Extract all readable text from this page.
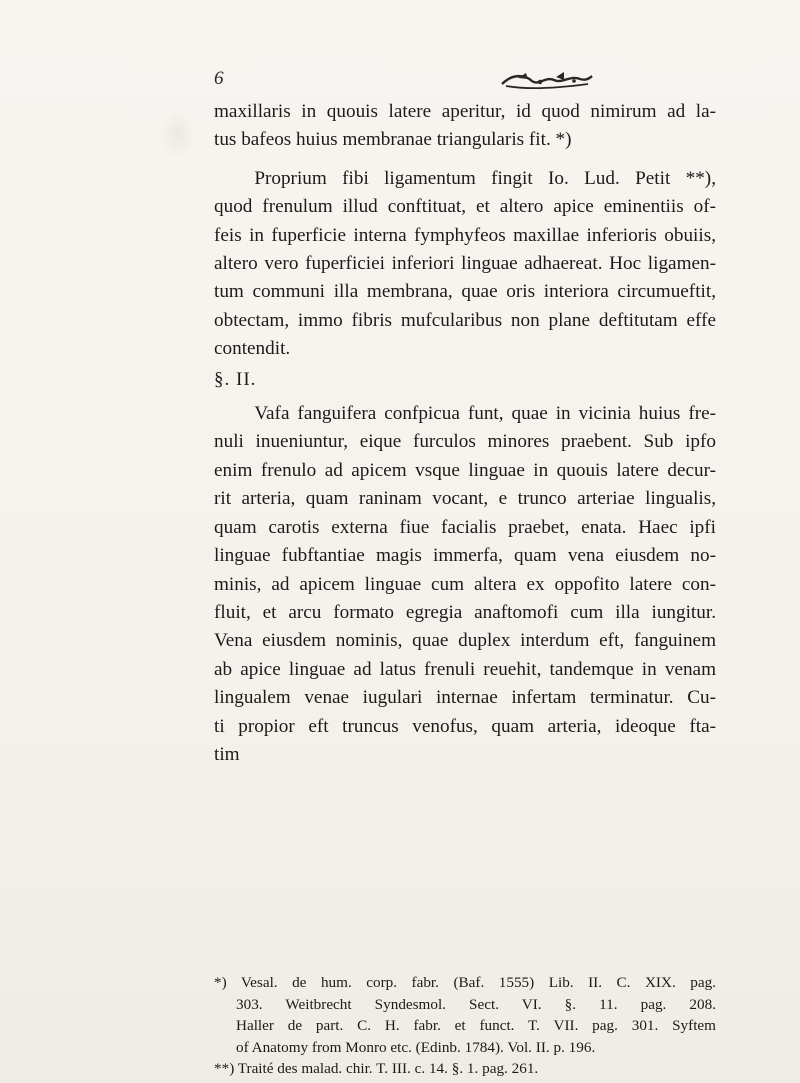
6

maxillaris in quouis latere aperitur, id quod nimirum ad la-
tus bafeos huius membranae triangularis fit. *)

Proprium fibi ligamentum fingit Io. Lud. Petit **),
quod frenulum illud conftituat, et altero apice eminentiis of-
feis in fuperficie interna fymphyfeos maxillae inferioris obuiis,
altero vero fuperficiei inferiori linguae adhaereat. Hoc ligamen-
tum communi illa membrana, quae oris interiora circumueftit,
obtectam, immo fibris mufcularibus non plane deftitutam effe
contendit.

§. II.

Vafa fanguifera confpicua funt, quae in vicinia huius fre-
nuli inueniuntur, eique furculos minores praebent. Sub ipfo
enim frenulo ad apicem vsque linguae in quouis latere decur-
rit arteria, quam raninam vocant, e trunco arteriae lingualis,
quam carotis externa fiue facialis praebet, enata. Haec ipfi
linguae fubftantiae magis immerfa, quam vena eiusdem no-
minis, ad apicem linguae cum altera ex oppofito latere con-
fluit, et arcu formato egregia anaftomofi cum illa iungitur.
Vena eiusdem nominis, quae duplex interdum eft, fanguinem
ab apice linguae ad latus frenuli reuehit, tandemque in venam
lingualem venae iugulari internae infertam terminatur. Cu-
ti propior eft truncus venofus, quam arteria, ideoque fta-

tim
*) Vesal. de hum. corp. fabr. (Baf. 1555) Lib. II. C. XIX. pag.
303. Weitbrecht Syndesmol. Sect. VI. §. 11. pag. 208.
Haller de part. C. H. fabr. et funct. T. VII. pag. 301. Syftem
of Anatomy from Monro etc. (Edinb. 1784). Vol. II. p. 196.
**) Traité des malad. chir. T. III. c. 14. §. 1. pag. 261.
